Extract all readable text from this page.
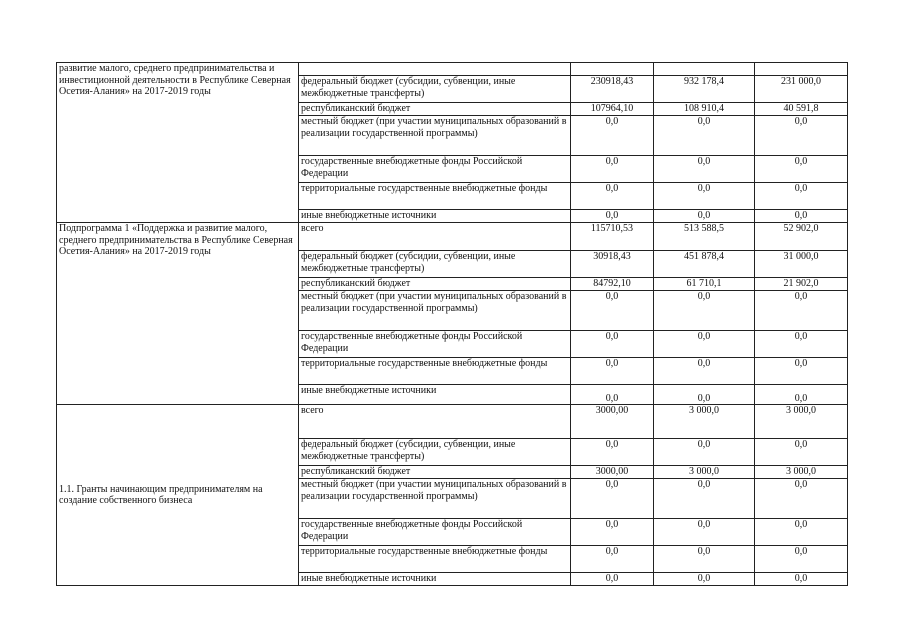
развитие малого, среднего предпринимательства и инвестиционной деятельности в Республике Северная Осетия-Алания» на 2017-2019 годы				
	федеральный бюджет (субсидии, субвенции, иные межбюджетные трансферты)	230918,43	932 178,4	231 000,0
	республиканский бюджет	107964,10	108 910,4	40 591,8
	местный бюджет (при участии муниципальных образований в реализации государственной программы)	0,0	0,0	0,0
	государственные внебюджетные фонды Российской Федерации	0,0	0,0	0,0
	территориальные государственные внебюджетные фонды	0,0	0,0	0,0
	иные внебюджетные источники	0,0	0,0	0,0
Подпрограмма 1 «Поддержка и развитие малого, среднего предпринимательства в Республике Северная Осетия-Алания» на 2017-2019 годы	всего	115710,53	513 588,5	52 902,0
	федеральный бюджет (субсидии, субвенции, иные межбюджетные трансферты)	30918,43	451 878,4	31 000,0
	республиканский бюджет	84792,10	61 710,1	21 902,0
	местный бюджет (при участии муниципальных образований в реализации государственной программы)	0,0	0,0	0,0
	государственные внебюджетные фонды Российской Федерации	0,0	0,0	0,0
	территориальные государственные внебюджетные фонды	0,0	0,0	0,0
	иные внебюджетные источники	0,0	0,0	0,0
1.1. Гранты начинающим предпринимателям на создание собственного бизнеса	всего	3000,00	3 000,0	3 000,0
	федеральный бюджет (субсидии, субвенции, иные межбюджетные трансферты)	0,0	0,0	0,0
	республиканский бюджет	3000,00	3 000,0	3 000,0
	местный бюджет (при участии муниципальных образований в реализации государственной программы)	0,0	0,0	0,0
	государственные внебюджетные фонды Российской Федерации	0,0	0,0	0,0
	территориальные государственные внебюджетные фонды	0,0	0,0	0,0
	иные внебюджетные источники	0,0	0,0	0,0
